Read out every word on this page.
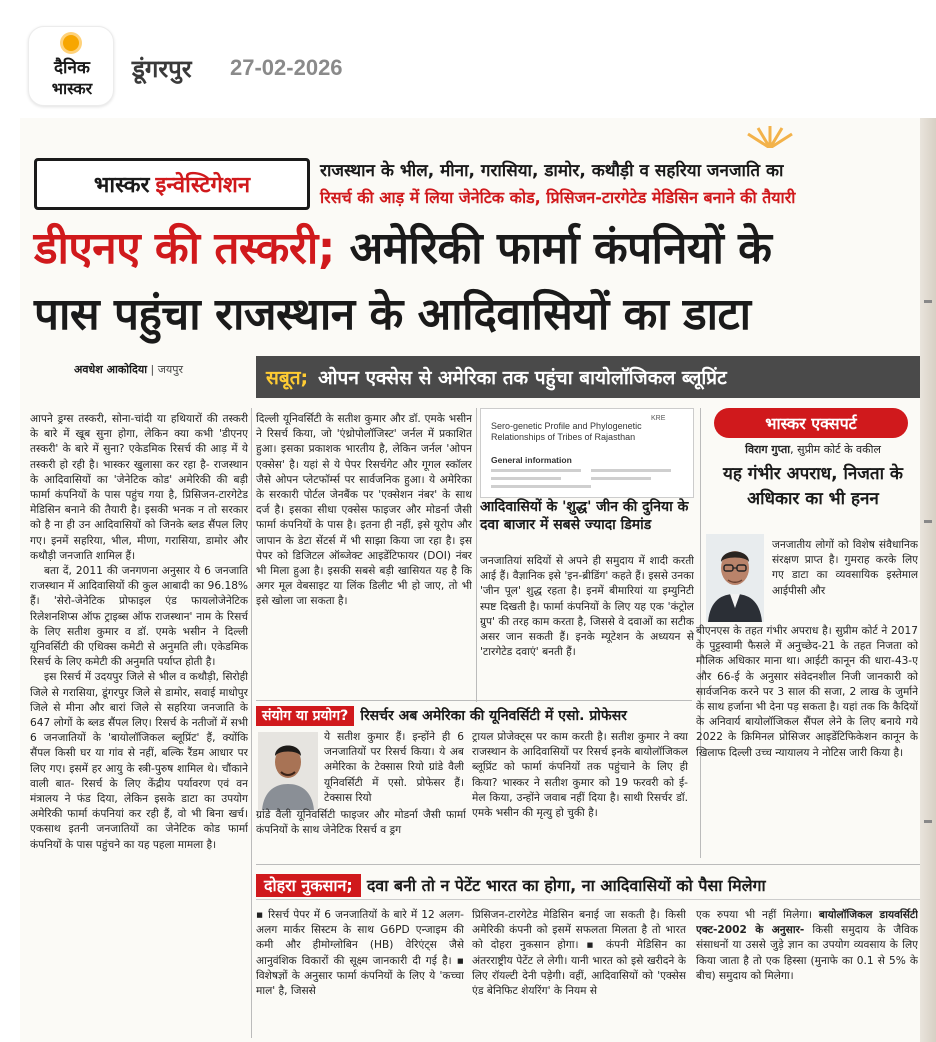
दैनिक
भास्कर
डूंगरपुर 27-02-2026
भास्कर इन्वेस्टिगेशन
राजस्थान के भील, मीना, गरासिया, डामोर, कथौड़ी व सहरिया जनजाति का
रिसर्च की आड़ में लिया जेनेटिक कोड, प्रिसिजन-टारगेटेड मेडिसिन बनाने की तैयारी
डीएनए की तस्करी; अमेरिकी फार्मा कंपनियों के
पास पहुंचा राजस्थान के आदिवासियों का डाटा
अवधेश आकोदिया | जयपुर	सबूत; ओपन एक्सेस से अमेरिका तक पहुंचा बायोलॉजिकल ब्लूप्रिंट

आपने ड्रग्स तस्करी, सोना-चांदी या हथियारों की तस्करी के बारे में खूब सुना होगा, लेकिन क्या कभी 'डीएनए तस्करी' के बारे में सुना? एकेडमिक रिसर्च की आड़ में ये तस्करी हो रही है। भास्कर खुलासा कर रहा है- राजस्थान के आदिवासियों का 'जेनेटिक कोड' अमेरिकी की बड़ी फार्मा कंपनियों के पास पहुंच गया है, प्रिसिजन-टारगेटेड मेडिसिन बनाने की तैयारी है। इसकी भनक न तो सरकार को है ना ही उन आदिवासियों को जिनके ब्लड सैंपल लिए गए। इनमें सहरिया, भील, मीणा, गरासिया, डामोर और कथौड़ी जनजाति शामिल हैं।

बता दें, 2011 की जनगणना अनुसार ये 6 जनजाति राजस्थान में आदिवासियों की कुल आबादी का 96.18% हैं। 'सेरो-जेनेटिक प्रोफाइल एंड फायलोजेनेटिक रिलेशनशिप्स ऑफ ट्राइब्स ऑफ राजस्थान' नाम के रिसर्च के लिए सतीश कुमार व डॉ. एमके भसीन ने दिल्ली यूनिवर्सिटी की एथिक्स कमेटी से अनुमति ली। एकेडमिक रिसर्च के लिए कमेटी की अनुमति पर्याप्त होती है।

इस रिसर्च में उदयपुर जिले से भील व कथौड़ी, सिरोही जिले से गरासिया, डूंगरपुर जिले से डामोर, सवाई माधोपुर जिले से मीना और बारां जिले से सहरिया जनजाति के 647 लोगों के ब्लड सैंपल लिए। रिसर्च के नतीजों में सभी 6 जनजातियों के 'बायोलॉजिकल ब्लूप्रिंट' हैं, क्योंकि सैंपल किसी घर या गांव से नहीं, बल्कि रैंडम आधार पर लिए गए। इसमें हर आयु के स्त्री-पुरुष शामिल थे। चौंकाने वाली बात- रिसर्च के लिए केंद्रीय पर्यावरण एवं वन मंत्रालय ने फंड दिया, लेकिन इसके डाटा का उपयोग अमेरिकी फार्मा कंपनियां कर रही हैं, वो भी बिना खर्च। एकसाथ इतनी जनजातियों का जेनेटिक कोड फार्मा कंपनियों के पास पहुंचने का यह पहला मामला है।

दिल्ली यूनिवर्सिटी के सतीश कुमार और डॉ. एमके भसीन ने रिसर्च किया, जो 'एंथ्रोपोलॉजिस्ट' जर्नल में प्रकाशित हुआ। इसका प्रकाशक भारतीय है, लेकिन जर्नल 'ओपन एक्सेस' है। यहां से ये पेपर रिसर्चगेट और गूगल स्कॉलर जैसे ओपन प्लेटफॉर्म्स पर सार्वजनिक हुआ। ये अमेरिका के सरकारी पोर्टल जेनबैंक पर 'एक्सेशन नंबर' के साथ दर्ज है। इसका सीधा एक्सेस फाइजर और मोडर्ना जैसी फार्मा कंपनियों के पास है। इतना ही नहीं, इसे यूरोप और जापान के डेटा सेंटर्स में भी साझा किया जा रहा है। इस पेपर को डिजिटल ऑब्जेक्ट आइडेंटिफायर (DOI) नंबर भी मिला हुआ है। इसकी सबसे बड़ी खासियत यह है कि अगर मूल वेबसाइट या लिंक डिलीट भी हो जाए, तो भी इसे खोला जा सकता है।

KRE
Sero-genetic Profile and Phylogenetic Relationships of Tribes of Rajasthan
General information
आदिवासियों के 'शुद्ध' जीन की दुनिया के दवा बाजार में सबसे ज्यादा डिमांड

जनजातियां सदियों से अपने ही समुदाय में शादी करती आई हैं। वैज्ञानिक इसे 'इन-ब्रीडिंग' कहते हैं। इससे उनका 'जीन पूल' शुद्ध रहता है। इनमें बीमारियां या इम्युनिटी स्पष्ट दिखती है। फार्मा कंपनियों के लिए यह एक 'कंट्रोल ग्रुप' की तरह काम करता है, जिससे वे दवाओं का सटीक असर जान सकती हैं। इनके म्यूटेशन के अध्ययन से 'टारगेटेड दवाएं' बनती हैं।

भास्कर एक्सपर्ट
विराग गुप्ता, सुप्रीम कोर्ट के वकील
यह गंभीर अपराध, निजता के अधिकार का भी हनन

जनजातीय लोगों को विशेष संवैधानिक संरक्षण प्राप्त है। गुमराह करके लिए गए डाटा का व्यवसायिक इस्तेमाल आईपीसी और

बीएनएस के तहत गंभीर अपराध है। सुप्रीम कोर्ट ने 2017 के पुट्टस्वामी फैसले में अनुच्छेद-21 के तहत निजता को मौलिक अधिकार माना था। आईटी कानून की धारा-43-ए और 66-ई के अनुसार संवेदनशील निजी जानकारी को सार्वजनिक करने पर 3 साल की सजा, 2 लाख के जुर्माने के साथ हर्जाना भी देना पड़ सकता है। यहां तक कि कैदियों के अनिवार्य बायोलॉजिकल सैंपल लेने के लिए बनाये गये 2022 के क्रिमिनल प्रोसिजर आइडेंटिफिकेशन कानून के खिलाफ दिल्ली उच्च न्यायालय ने नोटिस जारी किया है।

संयोग या प्रयोग? रिसर्चर अब अमेरिका की यूनिवर्सिटी में एसो. प्रोफेसर

ये सतीश कुमार हैं। इन्होंने ही 6 जनजातियों पर रिसर्च किया। ये अब अमेरिका के टेक्सास रियो ग्रांडे वैली यूनिवर्सिटी में एसो. प्रोफेसर हैं। टेक्सास रियो

ग्रांडे वैली यूनिवर्सिटी फाइजर और मोडर्ना जैसी फार्मा कंपनियों के साथ जेनेटिक रिसर्च व ड्रग

ट्रायल प्रोजेक्ट्स पर काम करती है। सतीश कुमार ने क्या राजस्थान के आदिवासियों पर रिसर्च इनके बायोलॉजिकल ब्लूप्रिंट को फार्मा कंपनियों तक पहुंचाने के लिए ही किया? भास्कर ने सतीश कुमार को 19 फरवरी को ई-मेल किया, उन्होंने जवाब नहीं दिया है। साथी रिसर्चर डॉ. एमके भसीन की मृत्यु हो चुकी है।

दोहरा नुकसान; दवा बनी तो न पेटेंट भारत का होगा, ना आदिवासियों को पैसा मिलेगा

▪ रिसर्च पेपर में 6 जनजातियों के बारे में 12 अलग-अलग मार्कर सिस्टम के साथ G6PD एन्जाइम की कमी और हीमोग्लोबिन (HB) वेरिएंट्स जैसे आनुवंशिक विकारों की सूक्ष्म जानकारी दी गई है। ▪ विशेषज्ञों के अनुसार फार्मा कंपनियों के लिए ये 'कच्चा माल' है, जिससे

प्रिसिजन-टारगेटेड मेडिसिन बनाई जा सकती है। किसी अमेरिकी कंपनी को इसमें सफलता मिलता है तो भारत को दोहरा नुकसान होगा। ▪ कंपनी मेडिसिन का अंतरराष्ट्रीय पेटेंट ले लेगी। यानी भारत को इसे खरीदने के लिए रॉयल्टी देनी पड़ेगी। वहीं, आदिवासियों को 'एक्सेस एंड बेनिफिट शेयरिंग' के नियम से

एक रुपया भी नहीं मिलेगा। बायोलॉजिकल डायवर्सिटी एक्ट-2002 के अनुसार- किसी समुदाय के जैविक संसाधनों या उससे जुड़े ज्ञान का उपयोग व्यवसाय के लिए किया जाता है तो एक हिस्सा (मुनाफे का 0.1 से 5% के बीच) समुदाय को मिलेगा।
